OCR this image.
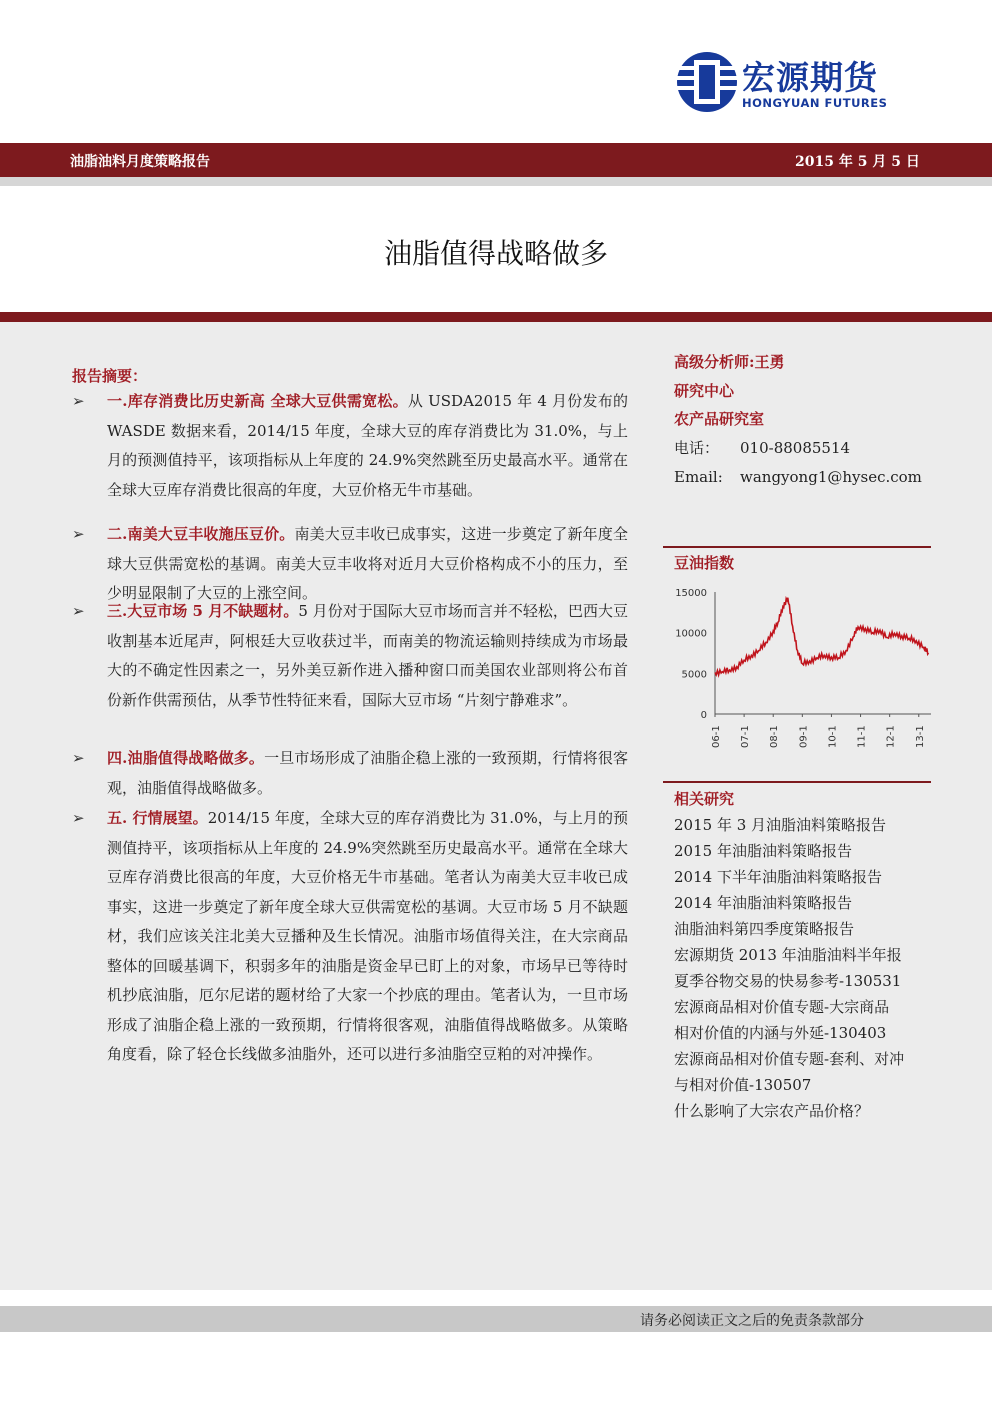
宏源期货
HONGYUAN FUTURES
油脂油料月度策略报告	2015 年 5 月 5 日
油脂值得战略做多
报告摘要：
➢	一.库存消费比历史新高 全球大豆供需宽松。从 USDA2015 年 4 月份发布的 WASDE 数据来看，2014/15 年度，全球大豆的库存消费比为 31.0%，与上月的预测值持平，该项指标从上年度的 24.9%突然跳至历史最高水平。通常在全球大豆库存消费比很高的年度，大豆价格无牛市基础。
➢	二.南美大豆丰收施压豆价。南美大豆丰收已成事实，这进一步奠定了新年度全球大豆供需宽松的基调。南美大豆丰收将对近月大豆价格构成不小的压力，至少明显限制了大豆的上涨空间。
➢	三.大豆市场 5 月不缺题材。5 月份对于国际大豆市场而言并不轻松，巴西大豆收割基本近尾声，阿根廷大豆收获过半，而南美的物流运输则持续成为市场最大的不确定性因素之一，另外美豆新作进入播种窗口而美国农业部则将公布首份新作供需预估，从季节性特征来看，国际大豆市场 “片刻宁静难求”。
➢	四.油脂值得战略做多。一旦市场形成了油脂企稳上涨的一致预期，行情将很客观，油脂值得战略做多。
➢	五. 行情展望。2014/15 年度，全球大豆的库存消费比为 31.0%，与上月的预测值持平，该项指标从上年度的 24.9%突然跳至历史最高水平。通常在全球大豆库存消费比很高的年度，大豆价格无牛市基础。笔者认为南美大豆丰收已成事实，这进一步奠定了新年度全球大豆供需宽松的基调。大豆市场 5 月不缺题材，我们应该关注北美大豆播种及生长情况。油脂市场值得关注，在大宗商品整体的回暖基调下，积弱多年的油脂是资金早已盯上的对象，市场早已等待时机抄底油脂，厄尔尼诺的题材给了大家一个抄底的理由。笔者认为，一旦市场形成了油脂企稳上涨的一致预期，行情将很客观，油脂值得战略做多。从策略角度看，除了轻仓长线做多油脂外，还可以进行多油脂空豆粕的对冲操作。
高级分析师:王勇
研究中心
农产品研究室
电话： 010-88085514
Email: wangyong1@hysec.com
豆油指数
0
5000
10000
15000
06-1 07-1 08-1 09-1 10-1 11-1 12-1 13-1
相关研究
2015 年 3 月油脂油料策略报告
2015 年油脂油料策略报告
2014 下半年油脂油料策略报告
2014 年油脂油料策略报告
油脂油料第四季度策略报告
宏源期货 2013 年油脂油料半年报
夏季谷物交易的快易参考-130531
宏源商品相对价值专题-大宗商品
相对价值的内涵与外延-130403
宏源商品相对价值专题-套利、对冲
与相对价值-130507
什么影响了大宗农产品价格？
请务必阅读正文之后的免责条款部分
